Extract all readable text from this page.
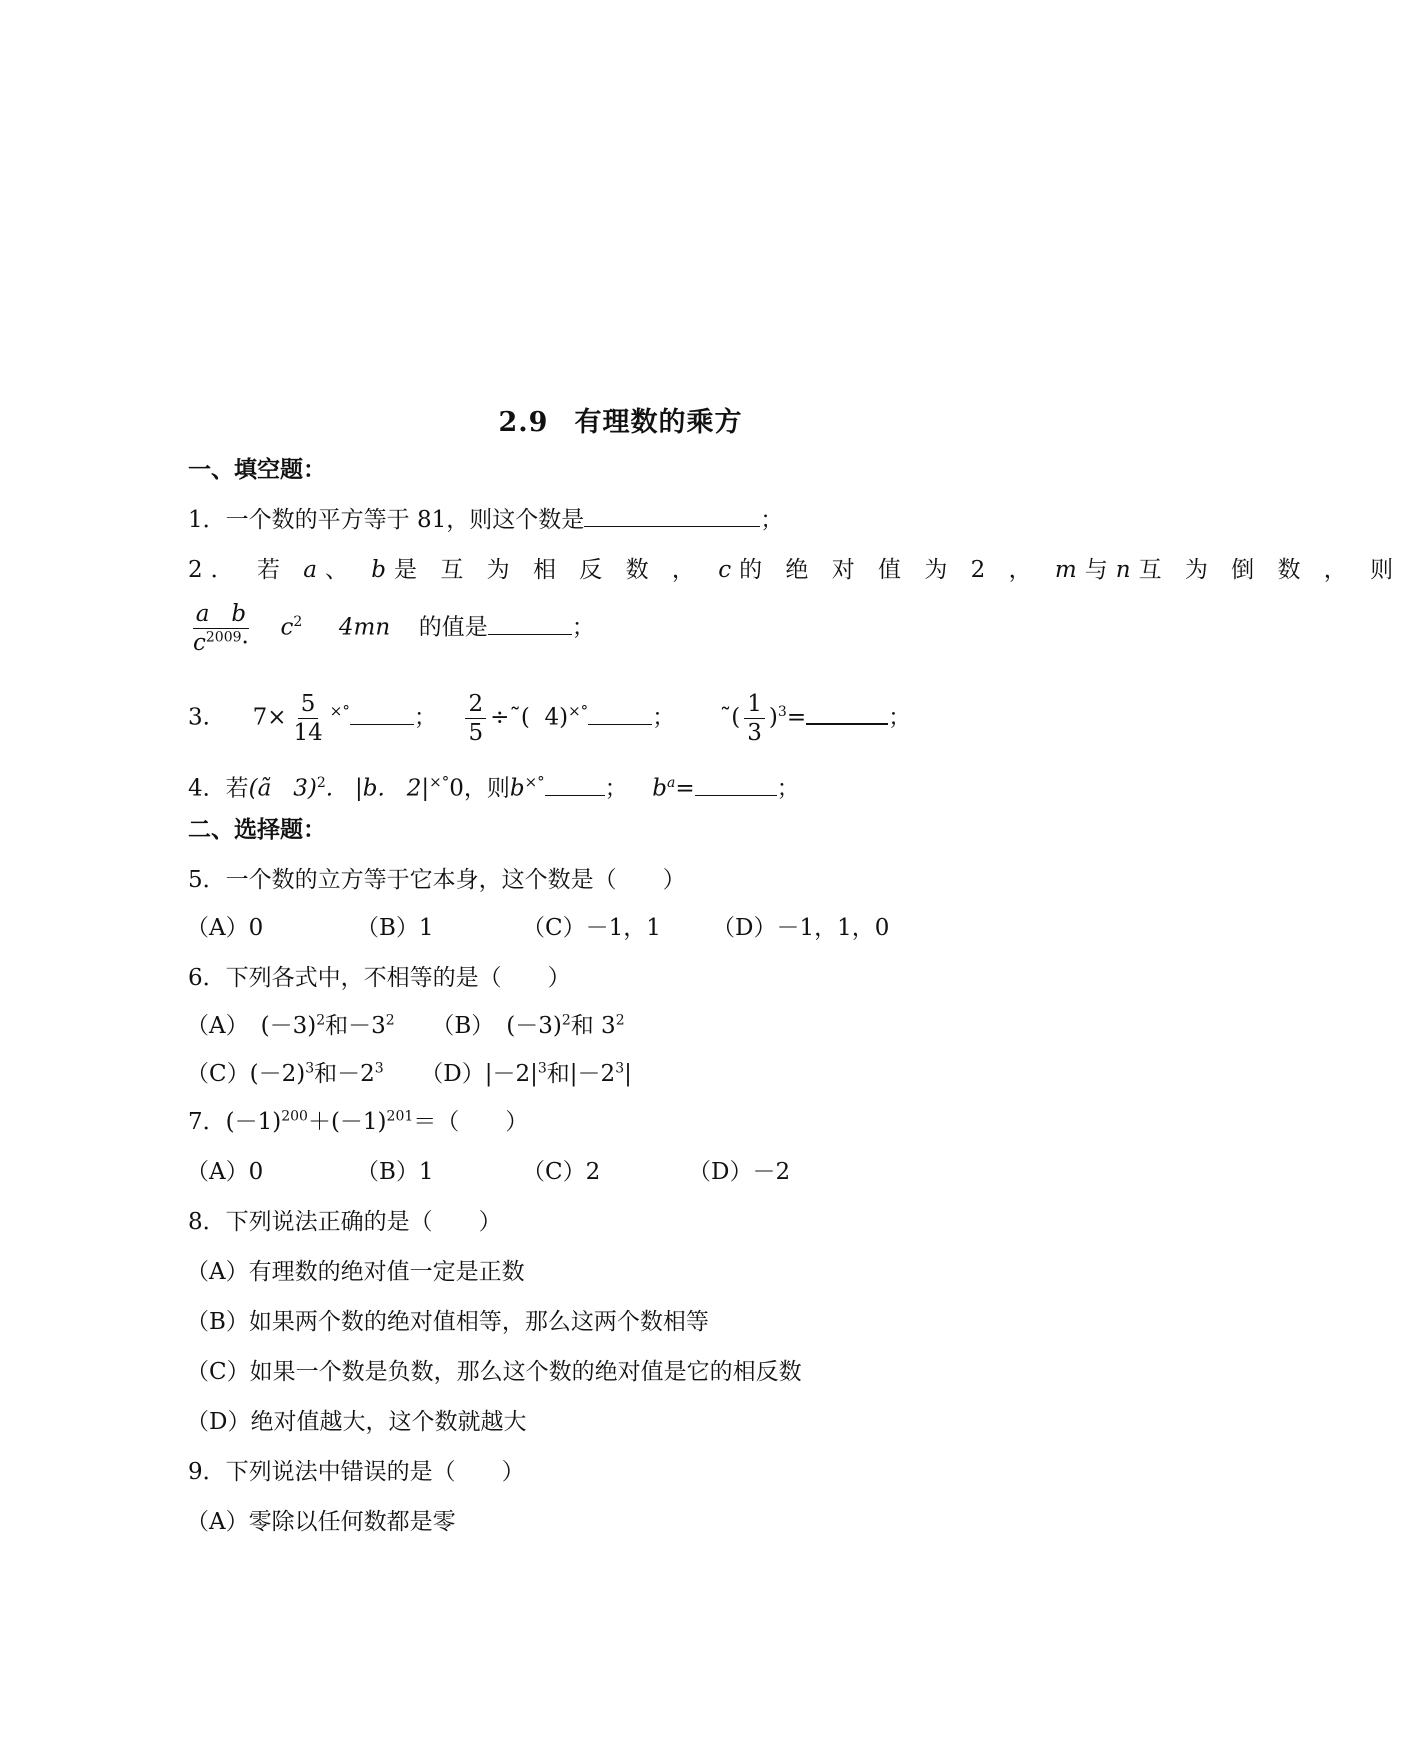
2.9 有理数的乘方
一、填空题：
1．一个数的平方等于 81，则这个数是	；
2． 若 a、 b是 互 为 相 反 数 ， c的 绝 对 值 为 2 ， m与n互 为 倒 数 ， 则
$\frac{\text{a   b}}{c^{2009}\cdot} c^2$ 4mn 的值是	；
3. $7\times \frac{5}{14} ^{\times^\circ}$	； $\frac{2}{5}$ ÷˜(  4)×°	； ˜( $\frac{1}{3} )^3=$	；
4．若(ã   3)$^2$.   |b.   2|×°0，则b×°	； $b^a=$	；
二、选择题：
5．一个数的立方等于它本身，这个数是（　　）
（A）0	（B）1	（C）－1，1 （D）－1，1，0
6．下列各式中，不相等的是（　　）
（A） $(-3)^2$和$-3^2$ （B） $(-3)^2$和 $3^2$
$(C)(-2)^3$和$-2^3$ $(D)|-2|^3$和$|-2^3|$
7．$(-1)^{200}+(-1)^{201}=$（　　）
（A）0	（B）1	（C）2	（D）－2
8．下列说法正确的是（　　）
（A）有理数的绝对值一定是正数
（B）如果两个数的绝对值相等，那么这两个数相等
（C）如果一个数是负数，那么这个数的绝对值是它的相反数
（D）绝对值越大，这个数就越大
9．下列说法中错误的是（　　）
（A）零除以任何数都是零
